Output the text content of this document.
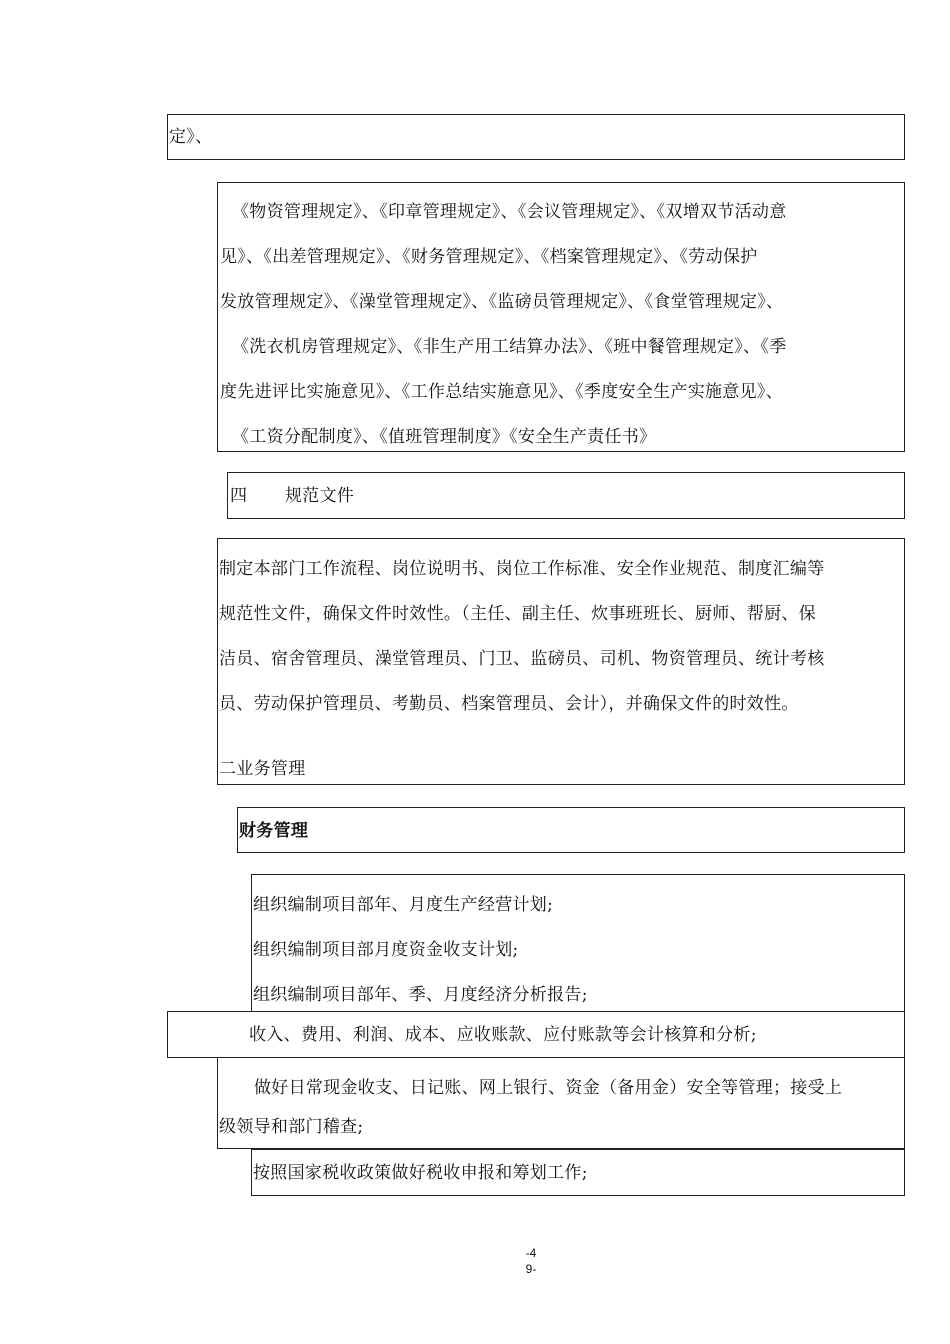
定》、
《物资管理规定》、《印章管理规定》、《会议管理规定》、《双增双节活动意
见》、《出差管理规定》、《财务管理规定》、《档案管理规定》、《劳动保护
发放管理规定》、《澡堂管理规定》、《监磅员管理规定》、《食堂管理规定》、
《洗衣机房管理规定》、《非生产用工结算办法》、《班中餐管理规定》、《季
度先进评比实施意见》、《工作总结实施意见》、《季度安全生产实施意见》、
《工资分配制度》、《值班管理制度》《安全生产责任书》
四 规范文件
制定本部门工作流程、岗位说明书、岗位工作标准、安全作业规范、制度汇编等
规范性文件，确保文件时效性。（主任、副主任、炊事班班长、厨师、帮厨、保
洁员、宿舍管理员、澡堂管理员、门卫、监磅员、司机、物资管理员、统计考核
员、劳动保护管理员、考勤员、档案管理员、会计），并确保文件的时效性。
二业务管理
财务管理
组织编制项目部年、月度生产经营计划;
组织编制项目部月度资金收支计划;
组织编制项目部年、季、月度经济分析报告;
收入、费用、利润、成本、应收账款、应付账款等会计核算和分析;
做好日常现金收支、日记账、网上银行、资金（备用金）安全等管理；接受上
级领导和部门稽查;
按照国家税收政策做好税收申报和筹划工作;
-4
9-
